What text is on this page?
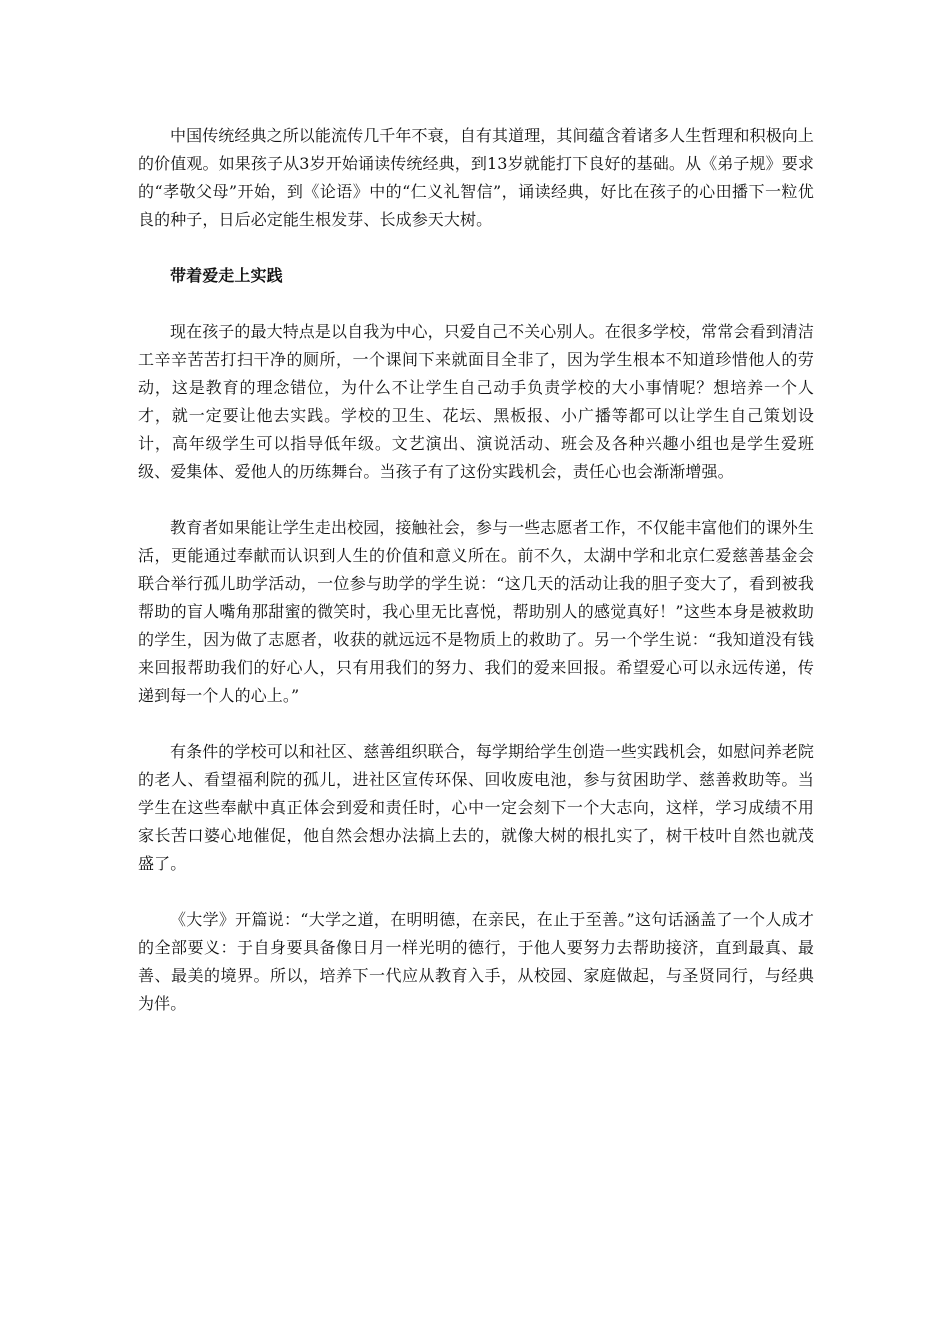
中国传统经典之所以能流传几千年不衰，自有其道理，其间蕴含着诸多人生哲理和积极向上的价值观。如果孩子从3岁开始诵读传统经典，到13岁就能打下良好的基础。从《弟子规》要求的“孝敬父母”开始，到《论语》中的“仁义礼智信”，诵读经典，好比在孩子的心田播下一粒优良的种子，日后必定能生根发芽、长成参天大树。

带着爱走上实践

现在孩子的最大特点是以自我为中心，只爱自己不关心别人。在很多学校，常常会看到清洁工辛辛苦苦打扫干净的厕所，一个课间下来就面目全非了，因为学生根本不知道珍惜他人的劳动，这是教育的理念错位，为什么不让学生自己动手负责学校的大小事情呢？想培养一个人才，就一定要让他去实践。学校的卫生、花坛、黑板报、小广播等都可以让学生自己策划设计，高年级学生可以指导低年级。文艺演出、演说活动、班会及各种兴趣小组也是学生爱班级、爱集体、爱他人的历练舞台。当孩子有了这份实践机会，责任心也会渐渐增强。

教育者如果能让学生走出校园，接触社会，参与一些志愿者工作，不仅能丰富他们的课外生活，更能通过奉献而认识到人生的价值和意义所在。前不久，太湖中学和北京仁爱慈善基金会联合举行孤儿助学活动，一位参与助学的学生说：“这几天的活动让我的胆子变大了，看到被我帮助的盲人嘴角那甜蜜的微笑时，我心里无比喜悦，帮助别人的感觉真好！”这些本身是被救助的学生，因为做了志愿者，收获的就远远不是物质上的救助了。另一个学生说：“我知道没有钱来回报帮助我们的好心人，只有用我们的努力、我们的爱来回报。希望爱心可以永远传递，传递到每一个人的心上。”

有条件的学校可以和社区、慈善组织联合，每学期给学生创造一些实践机会，如慰问养老院的老人、看望福利院的孤儿，进社区宣传环保、回收废电池，参与贫困助学、慈善救助等。当学生在这些奉献中真正体会到爱和责任时，心中一定会刻下一个大志向，这样，学习成绩不用家长苦口婆心地催促，他自然会想办法搞上去的，就像大树的根扎实了，树干枝叶自然也就茂盛了。

《大学》开篇说：“大学之道，在明明德，在亲民，在止于至善。”这句话涵盖了一个人成才的全部要义：于自身要具备像日月一样光明的德行，于他人要努力去帮助接济，直到最真、最善、最美的境界。所以，培养下一代应从教育入手，从校园、家庭做起，与圣贤同行，与经典为伴。
